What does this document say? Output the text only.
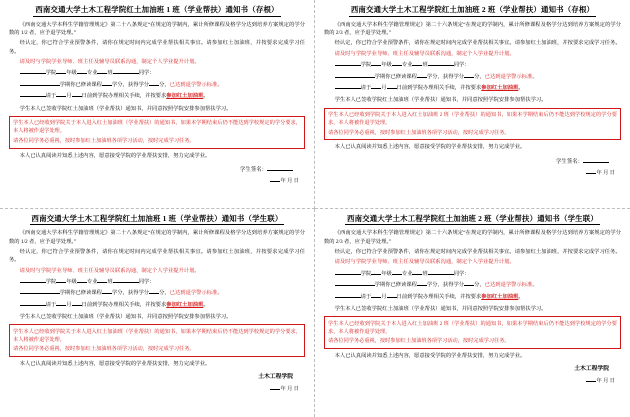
西南交通大学土木工程学院红土加油班 1 班（学业帮扶）通知书（存根）

《西南交通大学本科生学籍管理规定》第二十八条规定“在规定的学制内，累计所修课程及格学分达到培养方案规定的学分数的 1/2 者，应予退学处理。”

经认定，你已符合学业预警条件，请你在规定时间内完成学业帮扶相关事宜。请参加红土加油班，并按要求完成学习任务。

请及时与学院学业导师、班主任及辅导员联系沟通，制定个人学业提升计划。

学院 年级 专业 班	同学：

学期你已修读课程 学分，获得学分 分，已达到退学警示标准。

请于 月 日前到学院办理相关手续，并按要求参加红土加油班。

学生本人已签收学院红土加油班（学业帮扶）通知书，并同意按照学院安排参加帮扶学习。

学生本人已经收到学院关于本人进入红土加油班（学业帮扶）的通知书，如果本学期结束后仍不能达到学校规定的学分要求，本人将被作退学处理。

请各位同学务必重视，按时参加红土加油班各项学习活动，按时完成学习任务。

本人已认真阅读并知悉上述内容，愿意接受学院的学业帮扶安排，努力完成学业。

学生签名：
年 月 日
西南交通大学土木工程学院红土加油班 2 班（学业帮扶）通知书（存根）

《西南交通大学本科生学籍管理规定》第二十六条规定“在规定的学制内，累计所修课程及格学分达到培养方案规定的学分数的 2/3 者，应予退学处理。”

经认定，你已符合学业预警条件，请你在规定时间内完成学业帮扶相关事宜。请参加红土加油班，并按要求完成学习任务。

请及时与学院学业导师、班主任及辅导员联系沟通，制定个人学业提升计划。

学院 年级 专业 班	同学：

学期你已修读课程 学分，获得学分 分，已达到退学警示标准。

请于 月 日前到学院办理相关手续，并按要求参加红土加油班。

学生本人已签收学院红土加油班（学业帮扶）通知书，并同意按照学院安排参加帮扶学习。

学生本人已经收到学院关于本人进入红土加油班 2 班（学业帮扶）的通知书，如果本学期结束后仍不能达到学校规定的学分要求，本人将被作退学处理。

请各位同学务必重视，按时参加红土加油班各项学习活动，按时完成学习任务。

本人已认真阅读并知悉上述内容，愿意接受学院的学业帮扶安排，努力完成学业。

学生签名：
年 月 日
西南交通大学土木工程学院红土加油班 1 班（学业帮扶）通知书（学生联）

《西南交通大学本科生学籍管理规定》第二十八条规定“在规定的学制内，累计所修课程及格学分达到培养方案规定的学分数的 1/2 者，应予退学处理。”

经认定，你已符合学业预警条件，请你在规定时间内完成学业帮扶相关事宜。请参加红土加油班，并按要求完成学习任务。

请及时与学院学业导师、班主任及辅导员联系沟通，制定个人学业提升计划。

学院 年级 专业 班	同学：

学期你已修读课程 学分，获得学分 分，已达到退学警示标准。

请于 月 日前到学院办理相关手续，并按要求参加红土加油班。

学生本人已签收学院红土加油班（学业帮扶）通知书，并同意按照学院安排参加帮扶学习。

学生本人已经收到学院关于本人进入红土加油班（学业帮扶）的通知书，如果本学期结束后仍不能达到学校规定的学分要求，本人将被作退学处理。

请各位同学务必重视，按时参加红土加油班各项学习活动，按时完成学习任务。

本人已认真阅读并知悉上述内容，愿意接受学院的学业帮扶安排，努力完成学业。

土木工程学院
年 月 日
西南交通大学土木工程学院红土加油班 2 班（学业帮扶）通知书（学生联）

《西南交通大学本科生学籍管理规定》第二十六条规定“在规定的学制内，累计所修课程及格学分达到培养方案规定的学分数的 2/3 者，应予退学处理。”

经认定，你已符合学业预警条件，请你在规定时间内完成学业帮扶相关事宜。请参加红土加油班，并按要求完成学习任务。

请及时与学院学业导师、班主任及辅导员联系沟通，制定个人学业提升计划。

学院 年级 专业 班	同学：

学期你已修读课程 学分，获得学分 分，已达到退学警示标准。

请于 月 日前到学院办理相关手续，并按要求参加红土加油班。

学生本人已签收学院红土加油班（学业帮扶）通知书，并同意按照学院安排参加帮扶学习。

学生本人已经收到学院关于本人进入红土加油班 2 班（学业帮扶）的通知书，如果本学期结束后仍不能达到学校规定的学分要求，本人将被作退学处理。

请各位同学务必重视，按时参加红土加油班各项学习活动，按时完成学习任务。

本人已认真阅读并知悉上述内容，愿意接受学院的学业帮扶安排，努力完成学业。

土木工程学院
年 月 日
